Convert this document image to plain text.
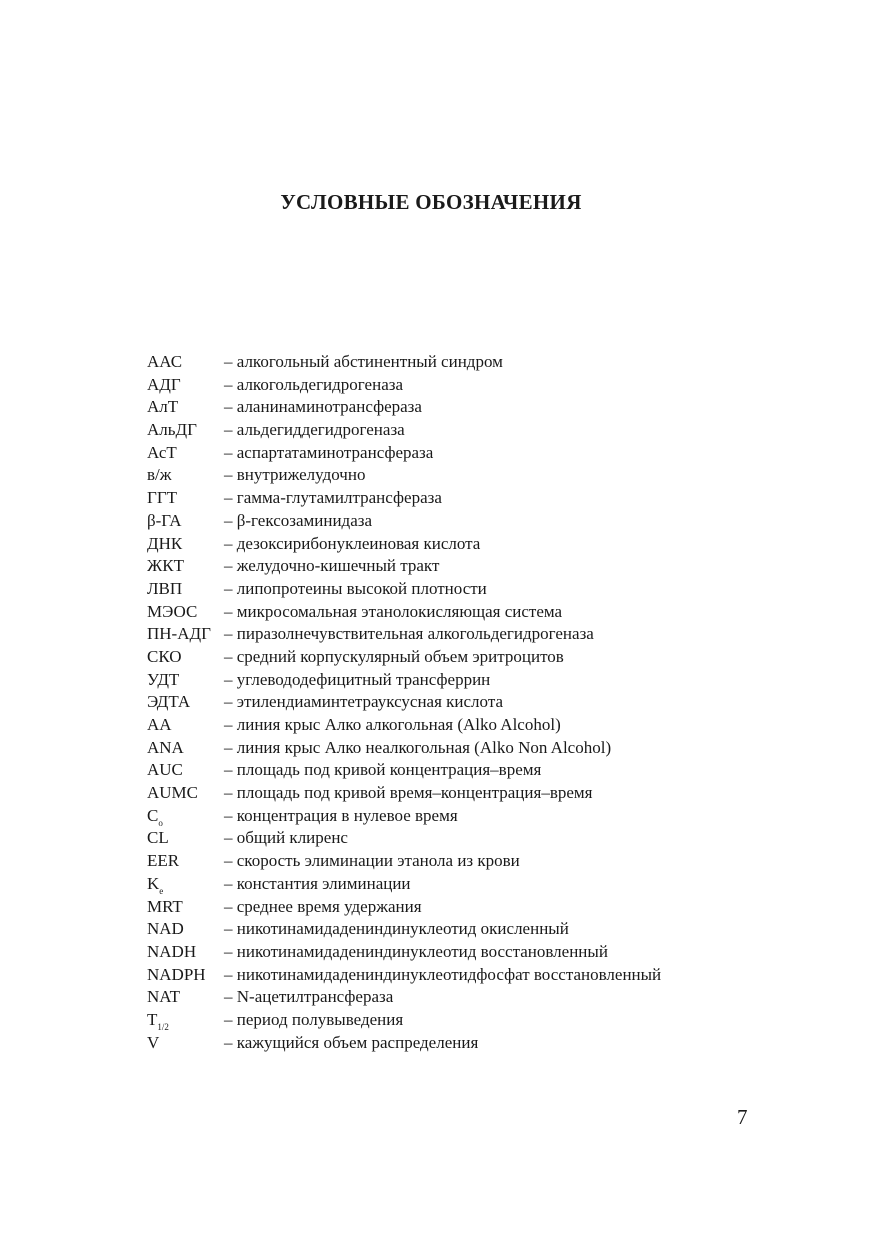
УСЛОВНЫЕ ОБОЗНАЧЕНИЯ
ААС	– алкогольный абстинентный синдром
АДГ	– алкогольдегидрогеназа
АлТ	– аланинаминотрансфераза
АльДГ	– альдегиддегидрогеназа
АсТ	– аспартатаминотрансфераза
в/ж	– внутрижелудочно
ГГТ	– гамма-глутамилтрансфераза
β-ГА	– β-гексозаминидаза
ДНК	– дезоксирибонуклеиновая кислота
ЖКТ	– желудочно-кишечный тракт
ЛВП	– липопротеины высокой плотности
МЭОС	– микросомальная этанолокисляющая система
ПН-АДГ – пиразолнечувствительная алкогольдегидрогеназа
СКО	– средний корпускулярный объем эритроцитов
УДТ	– углевододефицитный трансферрин
ЭДТА	– этилендиаминтетрауксусная кислота
AA	– линия крыс Алко алкогольная (Alko Alcohol)
ANA	– линия крыс Алко неалкогольная (Alko Non Alcohol)
AUC	– площадь под кривой концентрация–время
AUMC	– площадь под кривой время–концентрация–время
$C_o$	– концентрация в нулевое время
CL	– общий клиренс
EER	– скорость элиминации этанола из крови
$K_e$	– константия элиминации
MRT	– среднее время удержания
NAD	– никотинамидадениндинуклеотид окисленный
NADH	– никотинамидадениндинуклеотид восстановленный
NADPH	– никотинамидадениндинуклеотидфосфат восстановленный
NAT	– N-ацетилтрансфераза
$T_{1/2}$	– период полувыведения
V	– кажущийся объем распределения
7
